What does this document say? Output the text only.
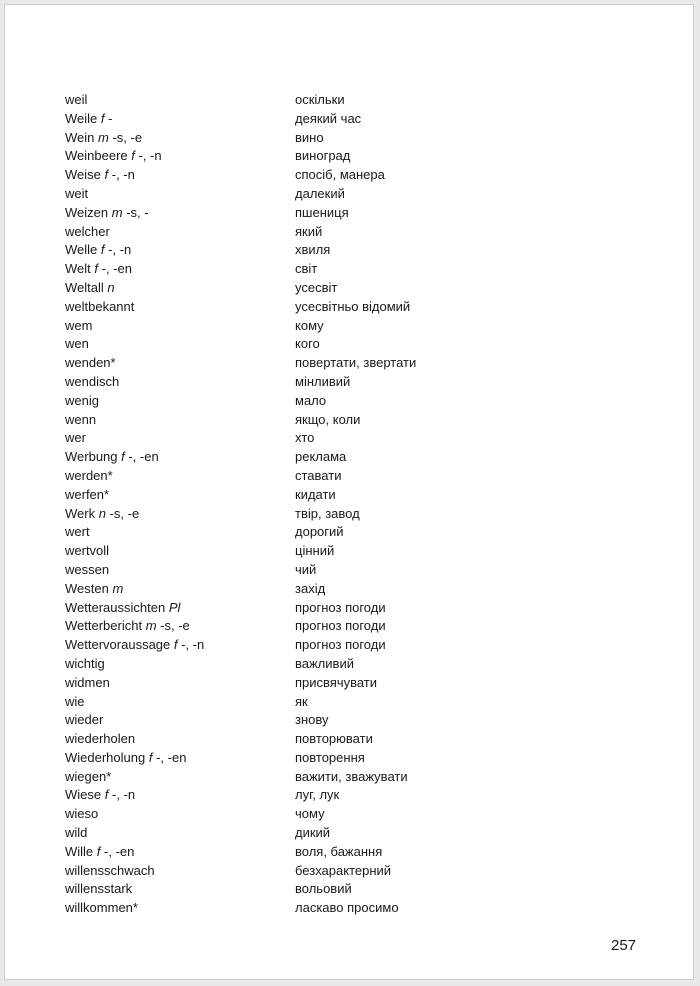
weil	оскільки
Weile f -	деякий час
Wein m -s, -e	вино
Weinbeere f -, -n	виноград
Weise f -, -n	спосіб, манера
weit	далекий
Weizen m -s, -	пшениця
welcher	який
Welle f -, -n	хвиля
Welt f -, -en	світ
Weltall n	усесвіт
weltbekannt	усесвітньо відомий
wem	кому
wen	кого
wenden*	повертати, звертати
wendisch	мінливий
wenig	мало
wenn	якщо, коли
wer	хто
Werbung f -, -en	реклама
werden*	ставати
werfen*	кидати
Werk n -s, -e	твір, завод
wert	дорогий
wertvoll	цінний
wessen	чий
Westen m	захід
Wetteraussichten Pl	прогноз погоди
Wetterbericht m -s, -e	прогноз погоди
Wettervoraussage f -, -n	прогноз погоди
wichtig	важливий
widmen	присвячувати
wie	як
wieder	знову
wiederholen	повторювати
Wiederholung f -, -en	повторення
wiegen*	важити, зважувати
Wiese f -, -n	луг, лук
wieso	чому
wild	дикий
Wille f -, -en	воля, бажання
willensschwach	безхарактерний
willensstark	вольовий
willkommen*	ласкаво просимо
257
